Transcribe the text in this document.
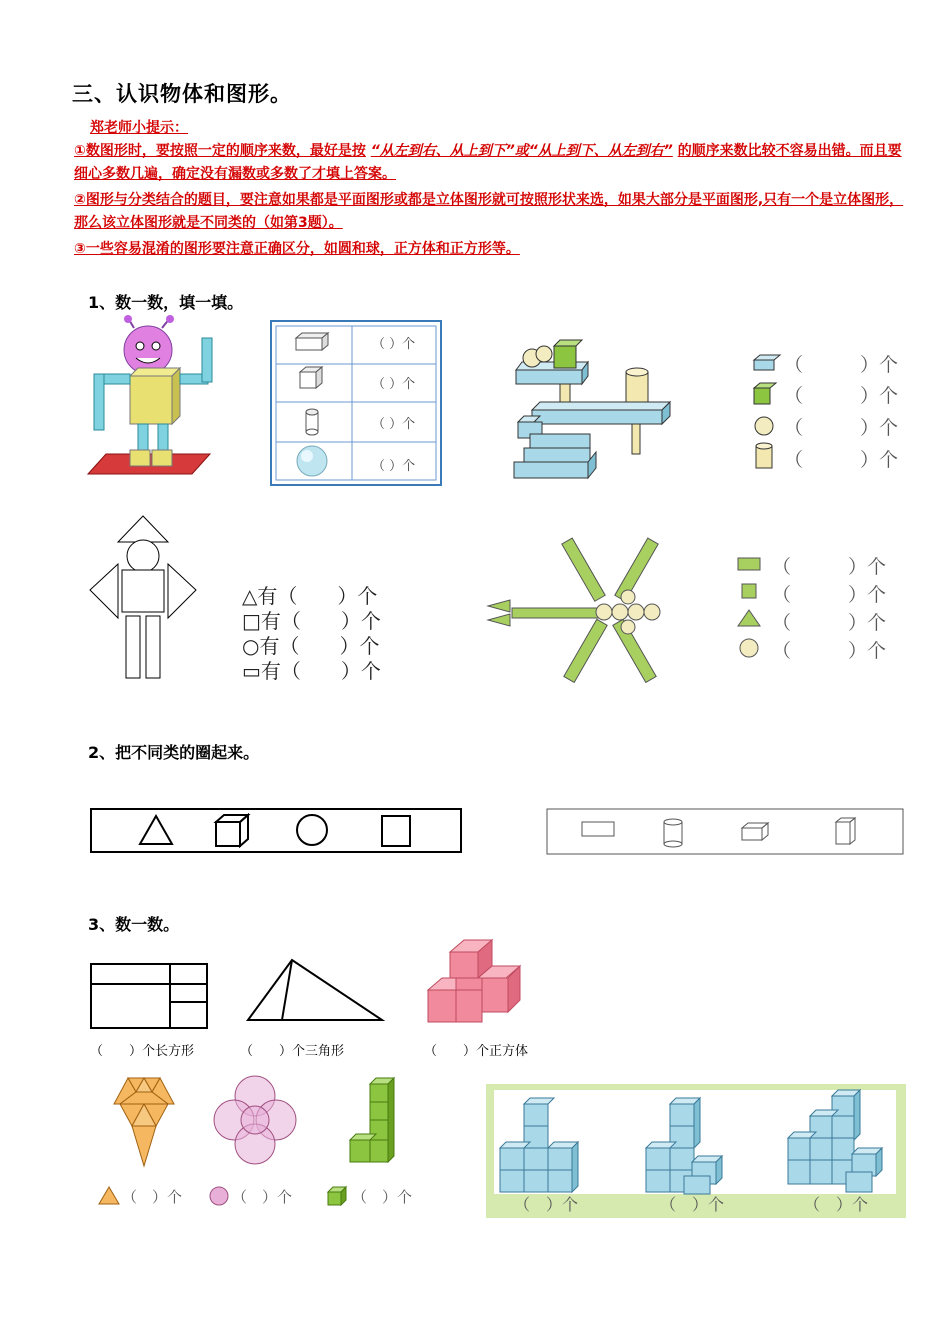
三、认识物体和图形。
郑老师小提示：
①数图形时，要按照一定的顺序来数，最好是按 “从左到右、从上到下”或“从上到下、从左到右” 的顺序来数比较不容易出错。而且要细心多数几遍，确定没有漏数或多数了才填上答案。
②图形与分类结合的题目，要注意如果都是平面图形或都是立体图形就可按照形状来选，如果大部分是平面图形,只有一个是立体图形，那么该立体图形就是不同类的（如第3题）。
③一些容易混淆的图形要注意正确区分，如圆和球，正方体和正方形等。
1、数一数，填一填。
（ ）个
（ ）个
（ ）个
（ ）个
（　　　）个
（　　　）个
（　　　）个
（　　　）个
△有（　　）个
□有（　　）个
○有（　　）个
▭有（　　）个
（　　　）个
（　　　）个
（　　　）个
（　　　）个
2、把不同类的圈起来。
3、数一数。
（　　）个长方形	（　　）个三角形	（　　）个正方体
（　）个	（　）个	（　）个	（　）个	（　）个	（　）个
